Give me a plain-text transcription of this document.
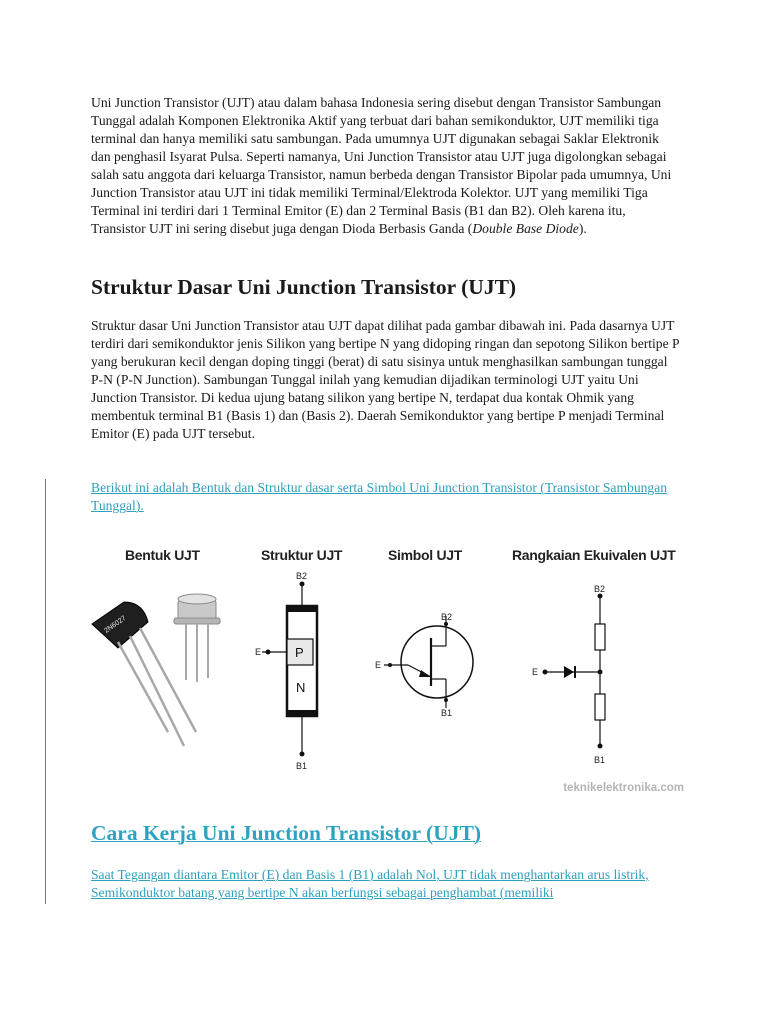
Uni Junction Transistor (UJT) atau dalam bahasa Indonesia sering disebut dengan Transistor Sambungan Tunggal adalah Komponen Elektronika Aktif yang terbuat dari bahan semikonduktor, UJT memiliki tiga terminal dan hanya memiliki satu sambungan. Pada umumnya UJT digunakan sebagai Saklar Elektronik dan penghasil Isyarat Pulsa. Seperti namanya, Uni Junction Transistor atau UJT juga digolongkan sebagai salah satu anggota dari keluarga Transistor, namun berbeda dengan Transistor Bipolar pada umumnya, Uni Junction Transistor atau UJT ini tidak memiliki Terminal/Elektroda Kolektor. UJT yang memiliki Tiga Terminal ini terdiri dari 1 Terminal Emitor (E) dan 2 Terminal Basis (B1 dan B2). Oleh karena itu, Transistor UJT ini sering disebut juga dengan Dioda Berbasis Ganda (Double Base Diode).

Struktur Dasar Uni Junction Transistor (UJT)

Struktur dasar Uni Junction Transistor atau UJT dapat dilihat pada gambar dibawah ini. Pada dasarnya UJT terdiri dari semikonduktor jenis Silikon yang bertipe N yang didoping ringan dan sepotong Silikon bertipe P yang berukuran kecil dengan doping tinggi (berat) di satu sisinya untuk menghasilkan sambungan tunggal P-N (P-N Junction). Sambungan Tunggal inilah yang kemudian dijadikan terminologi UJT yaitu Uni Junction Transistor. Di kedua ujung batang silikon yang bertipe N, terdapat dua kontak Ohmik yang membentuk terminal B1 (Basis 1) dan (Basis 2). Daerah Semikonduktor yang bertipe P menjadi Terminal Emitor (E) pada UJT tersebut.

Berikut ini adalah Bentuk dan Struktur dasar serta Simbol Uni Junction Transistor (Transistor Sambungan Tunggal).

Bentuk UJT	Struktur UJT	Simbol UJT	Rangkaian Ekuivalen UJT
2N6027
B2
E	P
N
B1
B2
E
B1
B2
E
B1
teknikelektronika.com
Cara Kerja Uni Junction Transistor (UJT)

Saat Tegangan diantara Emitor (E) dan Basis 1 (B1) adalah Nol, UJT tidak menghantarkan arus listrik, Semikonduktor batang yang bertipe N akan berfungsi sebagai penghambat (memiliki
